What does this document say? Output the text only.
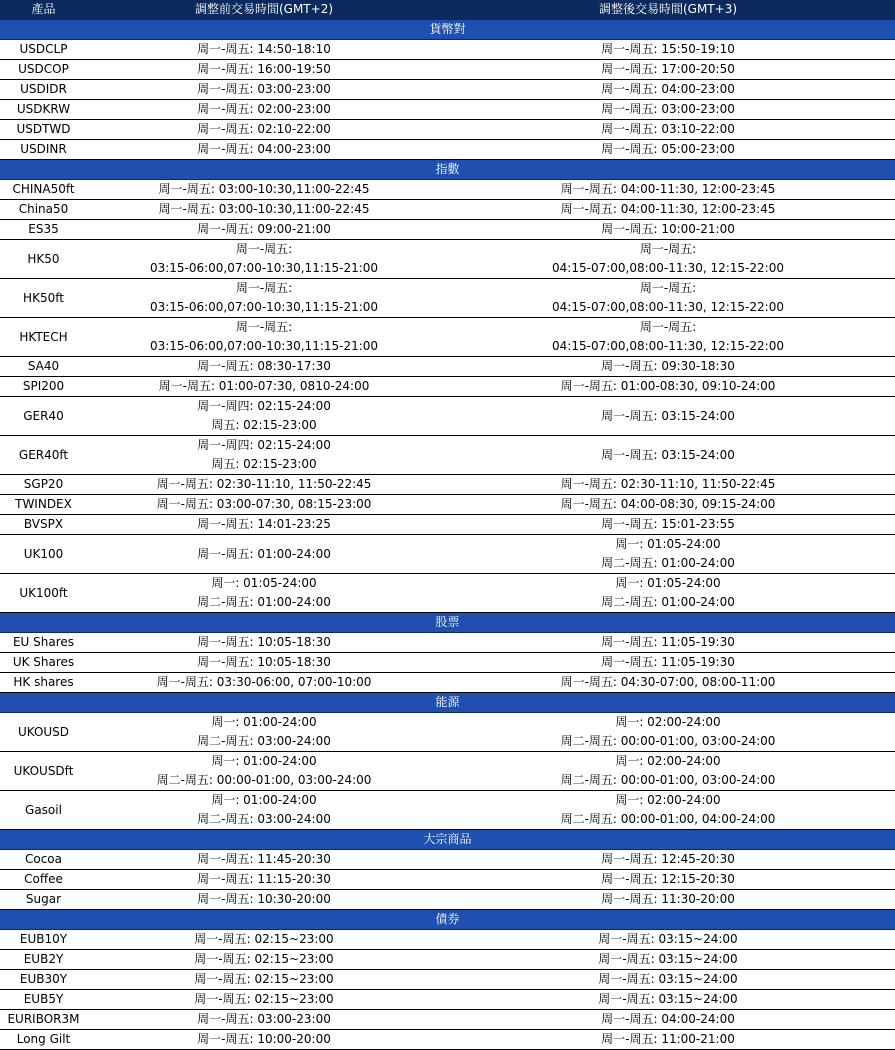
產品	調整前交易時間(GMT+2)	調整後交易時間(GMT+3)
貨幣對		
USDCLP	周一-周五: 14:50-18:10	周一-周五: 15:50-19:10

USDCOP	周一-周五: 16:00-19:50	周一-周五: 17:00-20:50

USDIDR	周一-周五: 03:00-23:00	周一-周五: 04:00-23:00

USDKRW	周一-周五: 02:00-23:00	周一-周五: 03:00-23:00

USDTWD	周一-周五: 02:10-22:00	周一-周五: 03:10-22:00

USDINR	周一-周五: 04:00-23:00	周一-周五: 05:00-23:00

指數		
CHINA50ft	周一-周五: 03:00-10:30,11:00-22:45	周一-周五: 04:00-11:30, 12:00-23:45

China50	周一-周五: 03:00-10:30,11:00-22:45	周一-周五: 04:00-11:30, 12:00-23:45

ES35	周一-周五: 09:00-21:00	周一-周五: 10:00-21:00

HK50	周一-周五:
03:15-06:00,07:00-10:30,11:15-21:00	周一-周五:
04:15-07:00,08:00-11:30, 12:15-22:00

HK50ft	周一-周五:
03:15-06:00,07:00-10:30,11:15-21:00	周一-周五:
04:15-07:00,08:00-11:30, 12:15-22:00

HKTECH	周一-周五:
03:15-06:00,07:00-10:30,11:15-21:00	周一-周五:
04:15-07:00,08:00-11:30, 12:15-22:00

SA40	周一-周五: 08:30-17:30	周一-周五: 09:30-18:30

SPI200	周一-周五: 01:00-07:30, 0810-24:00	周一-周五: 01:00-08:30, 09:10-24:00

GER40	周一-周四: 02:15-24:00
周五: 02:15-23:00	周一-周五: 03:15-24:00

GER40ft	周一-周四: 02:15-24:00
周五: 02:15-23:00	周一-周五: 03:15-24:00

SGP20	周一-周五: 02:30-11:10, 11:50-22:45	周一-周五: 02:30-11:10, 11:50-22:45

TWINDEX	周一-周五: 03:00-07:30, 08:15-23:00	周一-周五: 04:00-08:30, 09:15-24:00

BVSPX	周一-周五: 14:01-23:25	周一-周五: 15:01-23:55

UK100	周一-周五: 01:00-24:00	周一: 01:05-24:00
周二-周五: 01:00-24:00

UK100ft	周一: 01:05-24:00
周二-周五: 01:00-24:00	周一: 01:05-24:00
周二-周五: 01:00-24:00

股票		
EU Shares	周一-周五: 10:05-18:30	周一-周五: 11:05-19:30

UK Shares	周一-周五: 10:05-18:30	周一-周五: 11:05-19:30

HK shares	周一-周五: 03:30-06:00, 07:00-10:00	周一-周五: 04:30-07:00, 08:00-11:00

能源		
UKOUSD	周一: 01:00-24:00
周二-周五: 03:00-24:00	周一: 02:00-24:00
周二-周五: 00:00-01:00, 03:00-24:00

UKOUSDft	周一: 01:00-24:00
周二-周五: 00:00-01:00, 03:00-24:00	周一: 02:00-24:00
周二-周五: 00:00-01:00, 03:00-24:00

Gasoil	周一: 01:00-24:00
周二-周五: 03:00-24:00	周一: 02:00-24:00
周二-周五: 00:00-01:00, 04:00-24:00

大宗商品		
Cocoa	周一-周五: 11:45-20:30	周一-周五: 12:45-20:30

Coffee	周一-周五: 11:15-20:30	周一-周五: 12:15-20:30

Sugar	周一-周五: 10:30-20:00	周一-周五: 11:30-20:00

債券		
EUB10Y	周一-周五: 02:15~23:00	周一-周五: 03:15~24:00

EUB2Y	周一-周五: 02:15~23:00	周一-周五: 03:15~24:00

EUB30Y	周一-周五: 02:15~23:00	周一-周五: 03:15~24:00

EUB5Y	周一-周五: 02:15~23:00	周一-周五: 03:15~24:00

EURIBOR3M	周一-周五: 03:00-23:00	周一-周五: 04:00-24:00

Long Gilt	周一-周五: 10:00-20:00	周一-周五: 11:00-21:00
